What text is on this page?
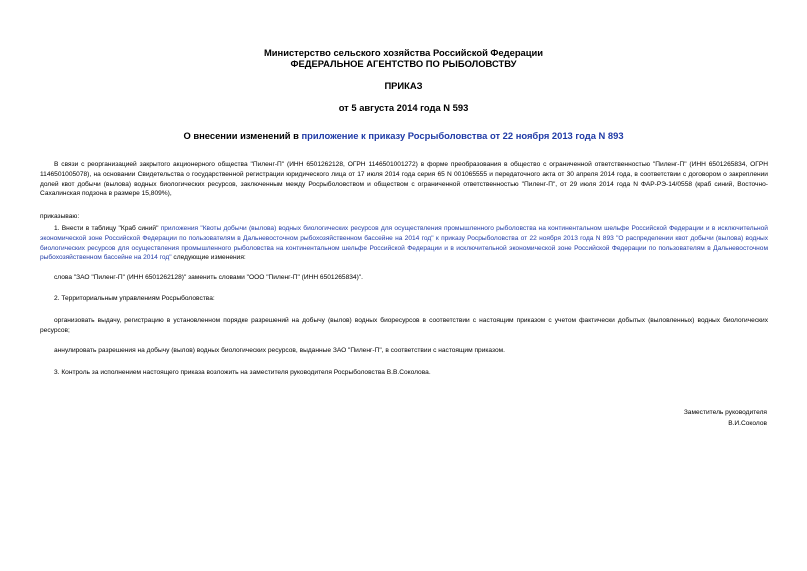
Министерство сельского хозяйства Российской Федерации
ФЕДЕРАЛЬНОЕ АГЕНТСТВО ПО РЫБОЛОВСТВУ
ПРИКАЗ
от 5 августа 2014 года N 593
О внесении изменений в приложение к приказу Росрыболовства от 22 ноября 2013 года N 893
В связи с реорганизацией закрытого акционерного общества "Пиленг-П" (ИНН 6501262128, ОГРН 1146501001272) в форме преобразования в общество с ограниченной ответственностью "Пиленг-П" (ИНН 6501265834, ОГРН 1146501005078), на основании Свидетельства о государственной регистрации юридического лица от 17 июля 2014 года серия 65 N 001065555 и передаточного акта от 30 апреля 2014 года, в соответствии с договором о закреплении долей квот добычи (вылова) водных биологических ресурсов, заключенным между Росрыболовством и обществом с ограниченной ответственностью "Пиленг-П", от 29 июля 2014 года N ФАР-РЭ-14/0558 (краб синий, Восточно-Сахалинская подзона в размере 15,809%),
приказываю:
1. Внести в таблицу "Краб синий" приложения "Квоты добычи (вылова) водных биологических ресурсов для осуществления промышленного рыболовства на континентальном шельфе Российской Федерации и в исключительной экономической зоне Российской Федерации по пользователям в Дальневосточном рыбохозяйственном бассейне на 2014 год" к приказу Росрыболовства от 22 ноября 2013 года N 893 "О распределении квот добычи (вылова) водных биологических ресурсов для осуществления промышленного рыболовства на континентальном шельфе Российской Федерации и в исключительной экономической зоне Российской Федерации по пользователям в Дальневосточном рыбохозяйственном бассейне на 2014 год" следующие изменения:
слова "ЗАО "Пиленг-П" (ИНН 6501262128)" заменить словами "ООО "Пиленг-П" (ИНН 6501265834)".
2. Территориальным управлениям Росрыболовства:
организовать выдачу, регистрацию в установленном порядке разрешений на добычу (вылов) водных биоресурсов в соответствии с настоящим приказом с учетом фактически добытых (выловленных) водных биологических ресурсов;
аннулировать разрешения на добычу (вылов) водных биологических ресурсов, выданные ЗАО "Пиленг-П", в соответствии с настоящим приказом.
3. Контроль за исполнением настоящего приказа возложить на заместителя руководителя Росрыболовства В.В.Соколова.
Заместитель руководителя
В.И.Соколов
